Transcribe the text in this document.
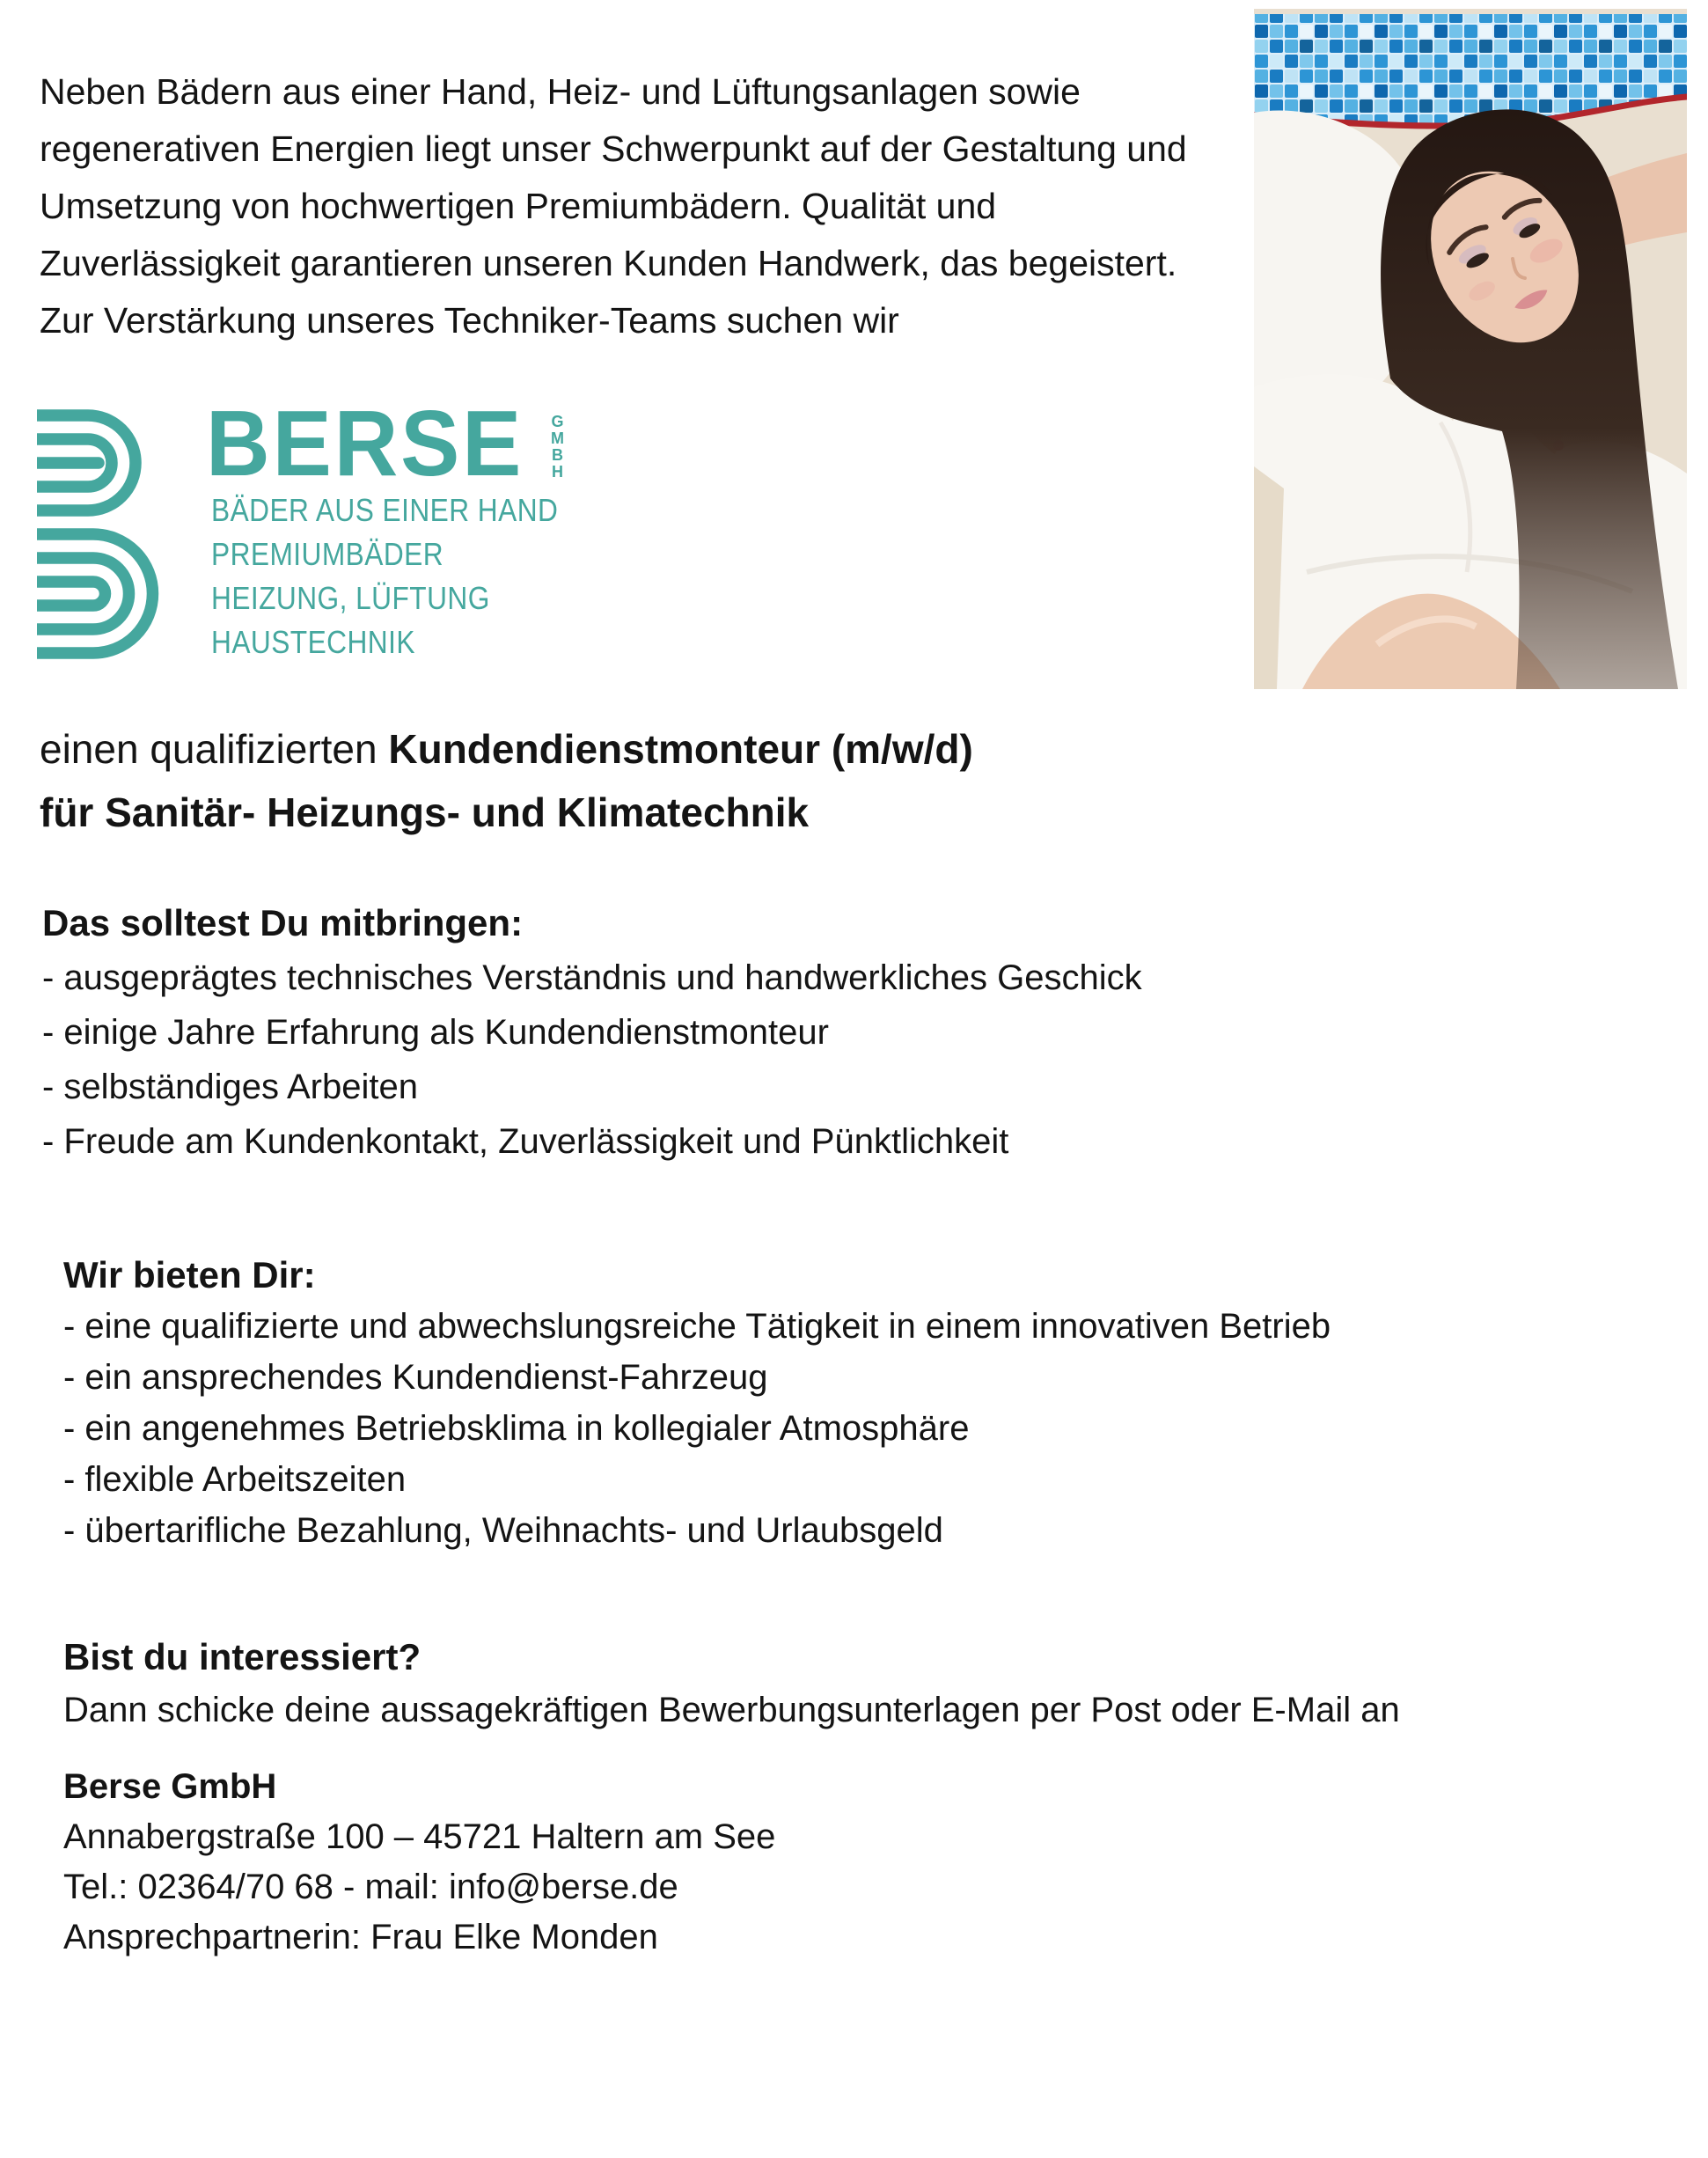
Neben Bädern aus einer Hand, Heiz- und Lüftungsanlagen sowie
regenerativen Energien liegt unser Schwerpunkt auf der Gestaltung und
Umsetzung von hochwertigen Premiumbädern. Qualität und
Zuverlässigkeit garantieren unseren Kunden Handwerk, das begeistert.
Zur Verstärkung unseres Techniker-Teams suchen wir
BERSE G
M
B
H
BÄDER AUS EINER HAND
PREMIUMBÄDER
HEIZUNG, LÜFTUNG
HAUSTECHNIK
einen qualifizierten Kundendienstmonteur (m/w/d)
für Sanitär- Heizungs- und Klimatechnik
Das solltest Du mitbringen:
- ausgeprägtes technisches Verständnis und handwerkliches Geschick
- einige Jahre Erfahrung als Kundendienstmonteur
- selbständiges Arbeiten
- Freude am Kundenkontakt, Zuverlässigkeit und Pünktlichkeit
Wir bieten Dir:
- eine qualifizierte und abwechslungsreiche Tätigkeit in einem innovativen Betrieb
- ein ansprechendes Kundendienst-Fahrzeug
- ein angenehmes Betriebsklima in kollegialer Atmosphäre
- flexible Arbeitszeiten
- übertarifliche Bezahlung, Weihnachts- und Urlaubsgeld
Bist du interessiert?
Dann schicke deine aussagekräftigen Bewerbungsunterlagen per Post oder E-Mail an
Berse GmbH
Annabergstraße 100 – 45721 Haltern am See
Tel.: 02364/70 68 - mail: info@berse.de
Ansprechpartnerin: Frau Elke Monden
